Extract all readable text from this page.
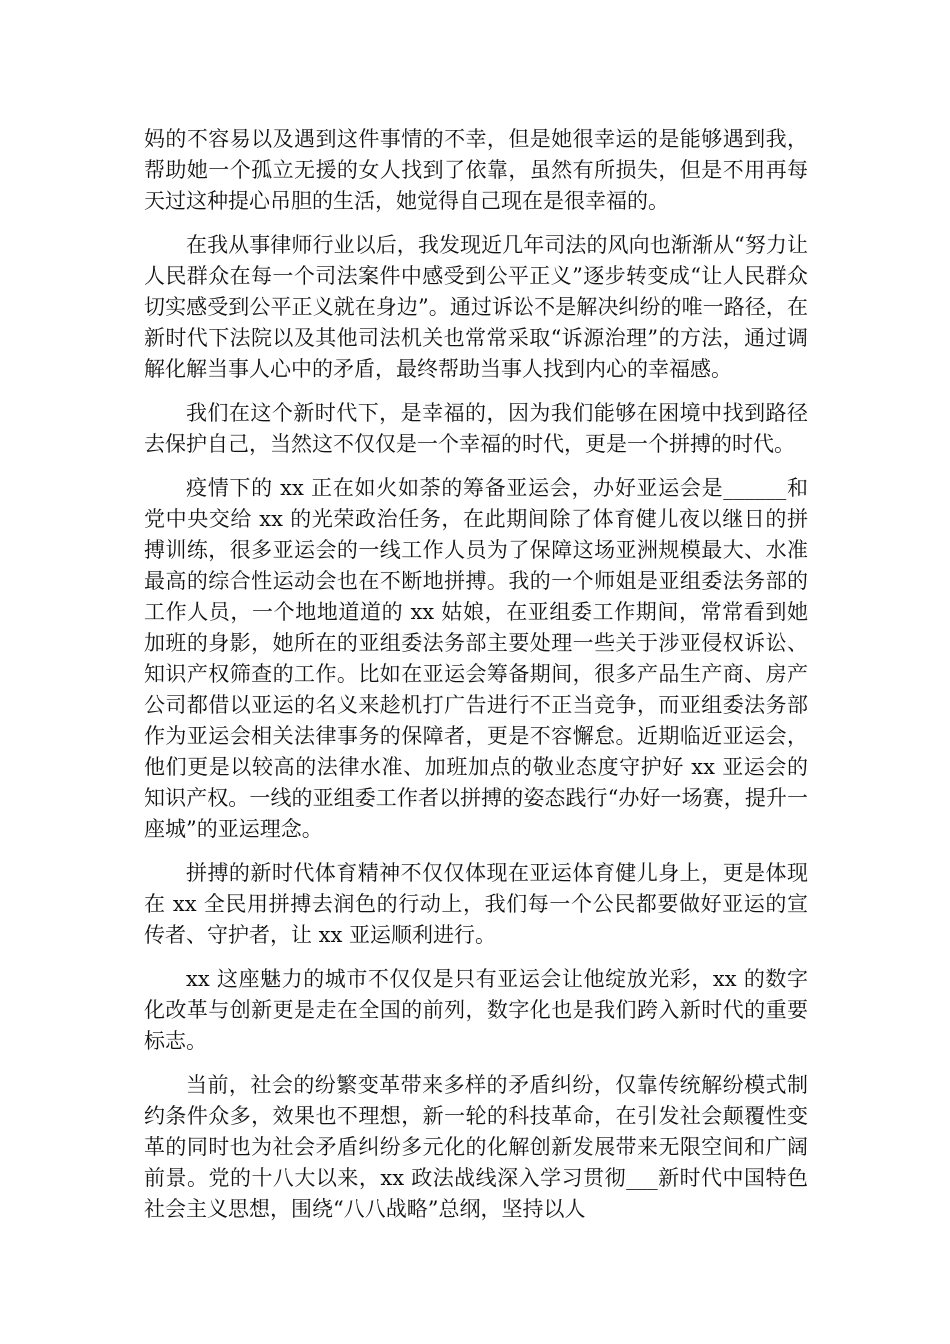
妈的不容易以及遇到这件事情的不幸，但是她很幸运的是能够遇到我，帮助她一个孤立无援的女人找到了依靠，虽然有所损失，但是不用再每天过这种提心吊胆的生活，她觉得自己现在是很幸福的。

在我从事律师行业以后，我发现近几年司法的风向也渐渐从“努力让人民群众在每一个司法案件中感受到公平正义”逐步转变成“让人民群众切实感受到公平正义就在身边”。通过诉讼不是解决纠纷的唯一路径，在新时代下法院以及其他司法机关也常常采取“诉源治理”的方法，通过调解化解当事人心中的矛盾，最终帮助当事人找到内心的幸福感。

我们在这个新时代下，是幸福的，因为我们能够在困境中找到路径去保护自己，当然这不仅仅是一个幸福的时代，更是一个拼搏的时代。

疫情下的 xx 正在如火如荼的筹备亚运会，办好亚运会是______和党中央交给 xx 的光荣政治任务，在此期间除了体育健儿夜以继日的拼搏训练，很多亚运会的一线工作人员为了保障这场亚洲规模最大、水准最高的综合性运动会也在不断地拼搏。我的一个师姐是亚组委法务部的工作人员，一个地地道道的 xx 姑娘，在亚组委工作期间，常常看到她加班的身影，她所在的亚组委法务部主要处理一些关于涉亚侵权诉讼、知识产权筛查的工作。比如在亚运会筹备期间，很多产品生产商、房产公司都借以亚运的名义来趁机打广告进行不正当竞争，而亚组委法务部作为亚运会相关法律事务的保障者，更是不容懈怠。近期临近亚运会，他们更是以较高的法律水准、加班加点的敬业态度守护好 xx 亚运会的知识产权。一线的亚组委工作者以拼搏的姿态践行“办好一场赛，提升一座城”的亚运理念。

拼搏的新时代体育精神不仅仅体现在亚运体育健儿身上，更是体现在 xx 全民用拼搏去润色的行动上，我们每一个公民都要做好亚运的宣传者、守护者，让 xx 亚运顺利进行。

xx 这座魅力的城市不仅仅是只有亚运会让他绽放光彩，xx 的数字化改革与创新更是走在全国的前列，数字化也是我们跨入新时代的重要标志。

当前，社会的纷繁变革带来多样的矛盾纠纷，仅靠传统解纷模式制约条件众多，效果也不理想，新一轮的科技革命，在引发社会颠覆性变革的同时也为社会矛盾纠纷多元化的化解创新发展带来无限空间和广阔前景。党的十八大以来，xx 政法战线深入学习贯彻___新时代中国特色社会主义思想，围绕“八八战略”总纲，坚持以人
